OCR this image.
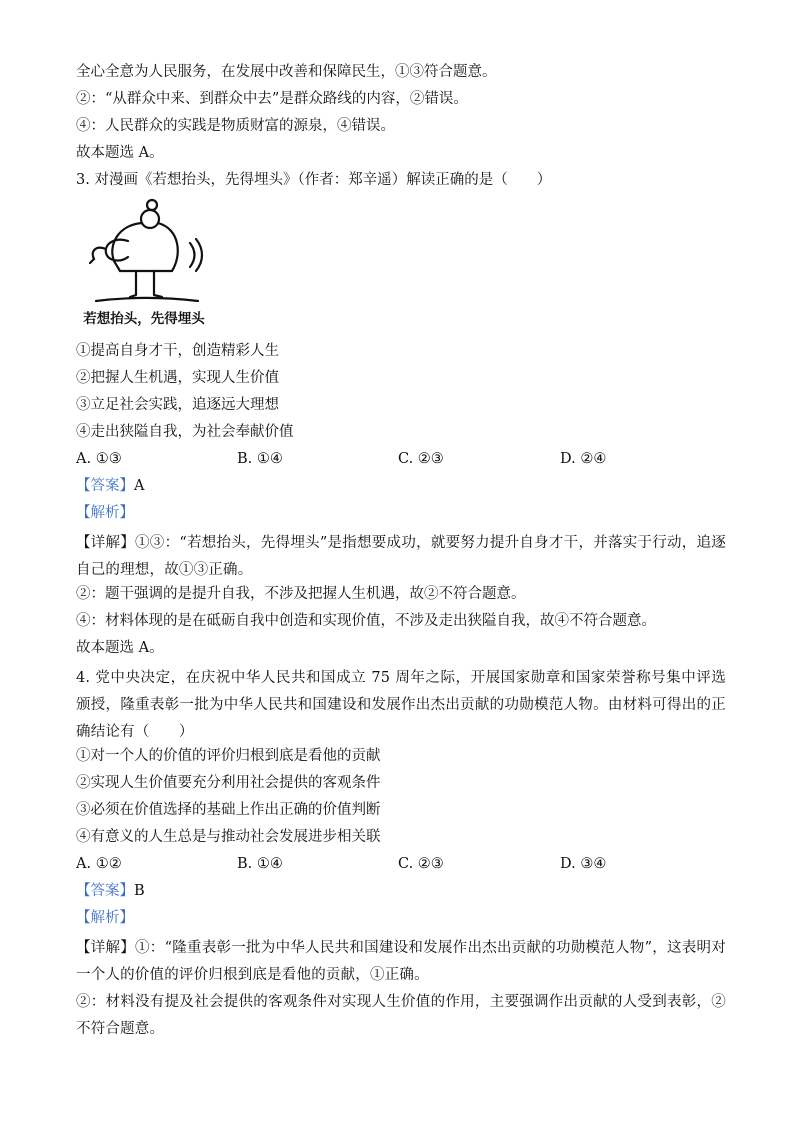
全心全意为人民服务，在发展中改善和保障民生，①③符合题意。
②：“从群众中来、到群众中去”是群众路线的内容，②错误。
④：人民群众的实践是物质财富的源泉，④错误。
故本题选 A。
3. 对漫画《若想抬头，先得埋头》（作者：郑辛遥）解读正确的是（　　）
若想抬头，先得埋头
①提高自身才干，创造精彩人生
②把握人生机遇，实现人生价值
③立足社会实践，追逐远大理想
④走出狭隘自我，为社会奉献价值
A. ①③	B. ①④	C. ②③	D. ②④
【答案】A
【解析】
【详解】①③：“若想抬头，先得埋头”是指想要成功，就要努力提升自身才干，并落实于行动，追逐自己的理想，故①③正确。
②：题干强调的是提升自我，不涉及把握人生机遇，故②不符合题意。
④：材料体现的是在砥砺自我中创造和实现价值，不涉及走出狭隘自我，故④不符合题意。
故本题选 A。
4. 党中央决定，在庆祝中华人民共和国成立 75 周年之际，开展国家勋章和国家荣誉称号集中评选颁授，隆重表彰一批为中华人民共和国建设和发展作出杰出贡献的功勋模范人物。由材料可得出的正确结论有（　　）
①对一个人的价值的评价归根到底是看他的贡献
②实现人生价值要充分利用社会提供的客观条件
③必须在价值选择的基础上作出正确的价值判断
④有意义的人生总是与推动社会发展进步相关联
A. ①②	B. ①④	C. ②③	D. ③④
【答案】B
【解析】
【详解】①：“隆重表彰一批为中华人民共和国建设和发展作出杰出贡献的功勋模范人物”，这表明对一个人的价值的评价归根到底是看他的贡献，①正确。
②：材料没有提及社会提供的客观条件对实现人生价值的作用，主要强调作出贡献的人受到表彰，②不符合题意。
